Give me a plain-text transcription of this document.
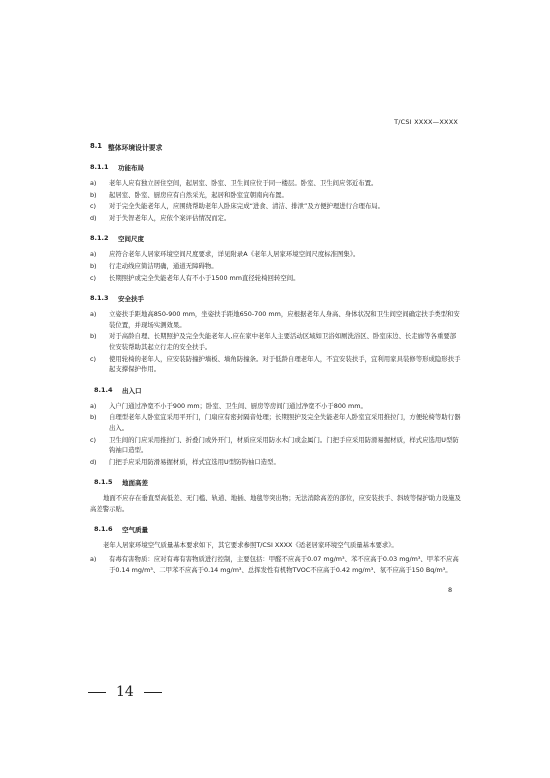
T/CSI XXXX—XXXX
8.1 整体环境设计要求
8.1.1	功能布局
a)	老年人应有独立居住空间，起居室、卧室、卫生间应位于同一楼层。卧室、卫生间应邻近布置。
b)	起居室、卧室、厨房应有自然采光，起居和卧室宜朝南向布置。
c)	对于完全失能老年人，应围绕帮助老年人卧床完成“进食、清洁、排泄”及方便护理进行合理布局。
d)	对于失智老年人，应依个案评估情况而定。
8.1.2	空间尺度
a)	应符合老年人居家环境空间尺度要求，详见附录A《老年人居家环境空间尺度标准图集》。
b)	行走动线应简洁明确，通道无障碍物。
c)	长期照护或完全失能老年人有不小于1500 mm直径轮椅回转空间。
8.1.3	安全扶手
a)	立姿扶手距地高850-900 mm，坐姿扶手距地650-700 mm，应根据老年人身高、身体状况和卫生间空间确定扶手类型和安装位置，并现场实测效果。
b)	对于高龄自理、长期照护及完全失能老年人,应在家中老年人主要活动区域如卫浴如厕洗浴区、卧室床边、长走廊等各重要部位安装帮助其起立行走的安全扶手。
c)	使用轮椅的老年人，应安装防撞护墙板、墙角防撞条。对于低龄自理老年人，不宜安装扶手，宜利用家具装修等形成隐形扶手起支撑保护作用。
8.1.4	出入口
a)	入户门通过净宽不小于900 mm；卧室、卫生间、厨房等房间门通过净宽不小于800 mm。
b)	自理型老年人卧室宜采用平开门，门扇应有密封隔音处理；长期照护及完全失能老年人卧室宜采用推拉门，方便轮椅等助行器出入。
c)	卫生间的门应采用推拉门、折叠门或外开门，材质应采用防水木门或金属门。门把手应采用防滑易握材质，样式应选用U型防钩袖口造型。
d)	门把手应采用防滑易握材质，样式宜选用U型防钩袖口造型。
8.1.5	地面高差
地面不应存在垂直型高低差、无门槛、轨道、地插、地毯等突出物；无法消除高差的部位，应安装扶手、斜坡等保护助力设施及高差警示贴。
8.1.6	空气质量
老年人居家环境空气质量基本要求如下，其它要求参照T/CSI XXXX《适老居家环境空气质量基本要求》。
a)	有毒有害物质：应对有毒有害物质进行控制，主要包括：甲醛不应高于0.07 mg/m³、苯不应高于0.03 mg/m³、甲苯不应高于0.14 mg/m³、二甲苯不应高于0.14 mg/m³、总挥发性有机物TVOC不应高于0.42 mg/m³、氡不应高于150 Bq/m³。
8
14
